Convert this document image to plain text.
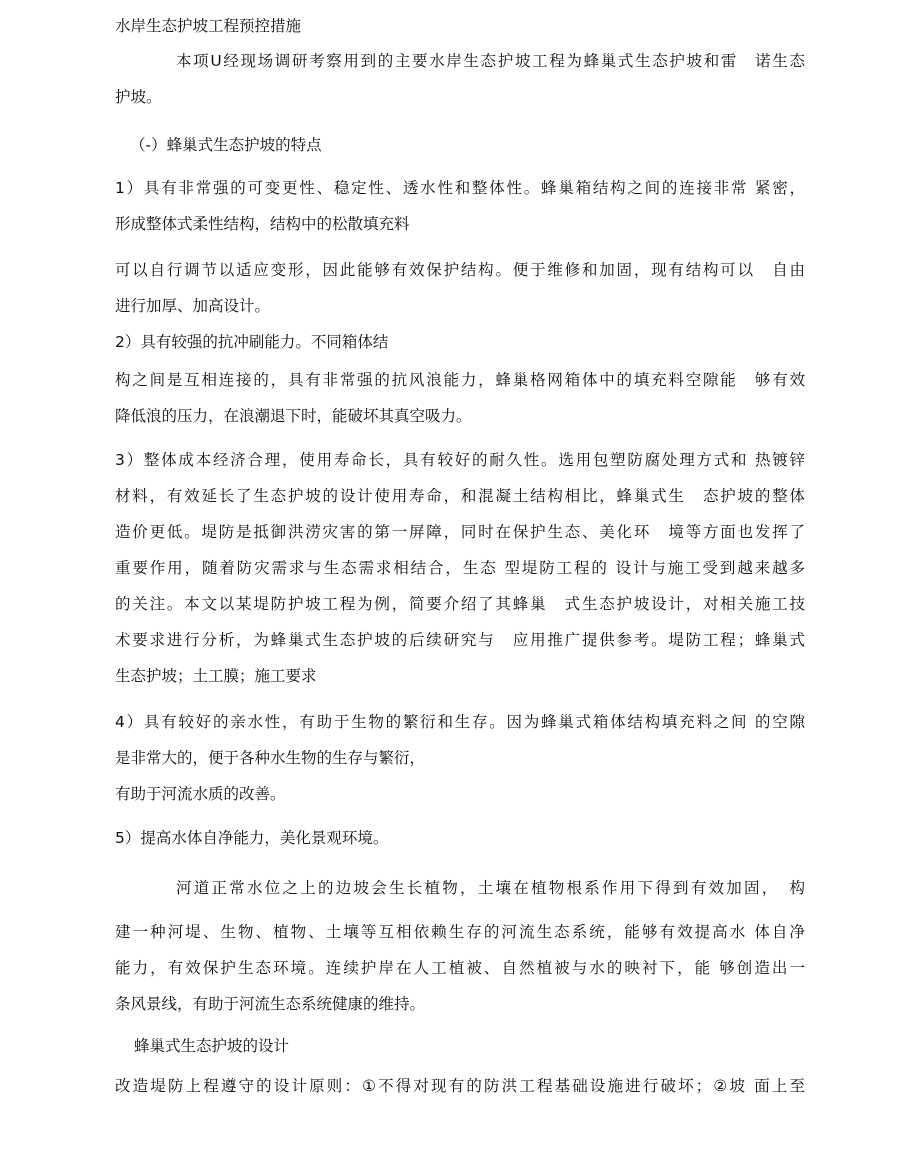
水岸生态护坡工程预控措施
本项U经现场调研考察用到的主要水岸生态护坡工程为蜂巢式生态护坡和雷　诺生态
护坡。
（-）蜂巢式生态护坡的特点
1）具有非常强的可变更性、稳定性、透水性和整体性。蜂巢箱结构之间的连接非常 紧密，
形成整体式柔性结构，结构中的松散填充料
可以自行调节以适应变形，因此能够有效保护结构。便于维修和加固，现有结构可以　自由
进行加厚、加高设计。
2）具有较强的抗冲刷能力。不同箱体结
构之间是互相连接的，具有非常强的抗风浪能力，蜂巢格网箱体中的填充料空隙能　够有效
降低浪的压力，在浪潮退下时，能破坏其真空吸力。
3）整体成本经济合理，使用寿命长，具有较好的耐久性。选用包塑防腐处理方式和 热镀锌
材料，有效延长了生态护坡的设计使用寿命，和混凝土结构相比，蜂巢式生　态护坡的整体
造价更低。堤防是抵御洪涝灾害的第一屏障，同时在保护生态、美化环　境等方面也发挥了
重要作用，随着防灾需求与生态需求相结合，生态 型堤防工程的 设计与施工受到越来越多
的关注。本文以某堤防护坡工程为例，简要介绍了其蜂巢　式生态护坡设计，对相关施工技
术要求进行分析，为蜂巢式生态护坡的后续研究与　应用推广提供参考。堤防工程；蜂巢式
生态护坡；土工膜；施工要求
4）具有较好的亲水性，有助于生物的繁衍和生存。因为蜂巢式箱体结构填充料之间 的空隙
是非常大的，便于各种水生物的生存与繁衍，
有助于河流水质的改善。
5）提高水体自净能力，美化景观环境。
河道正常水位之上的边坡会生长植物，土壤在植物根系作用下得到有效加固，　构
建一种河堤、生物、植物、土壤等互相依赖生存的河流生态系统，能够有效提高水 体自净
能力，有效保护生态环境。连续护岸在人工植被、自然植被与水的映衬下，能 够创造出一
条风景线，有助于河流生态系统健康的维持。
蜂巢式生态护坡的设计
改造堤防上程遵守的设计原则：①不得对现有的防洪工程基础设施进行破坏；②坡 面上至
